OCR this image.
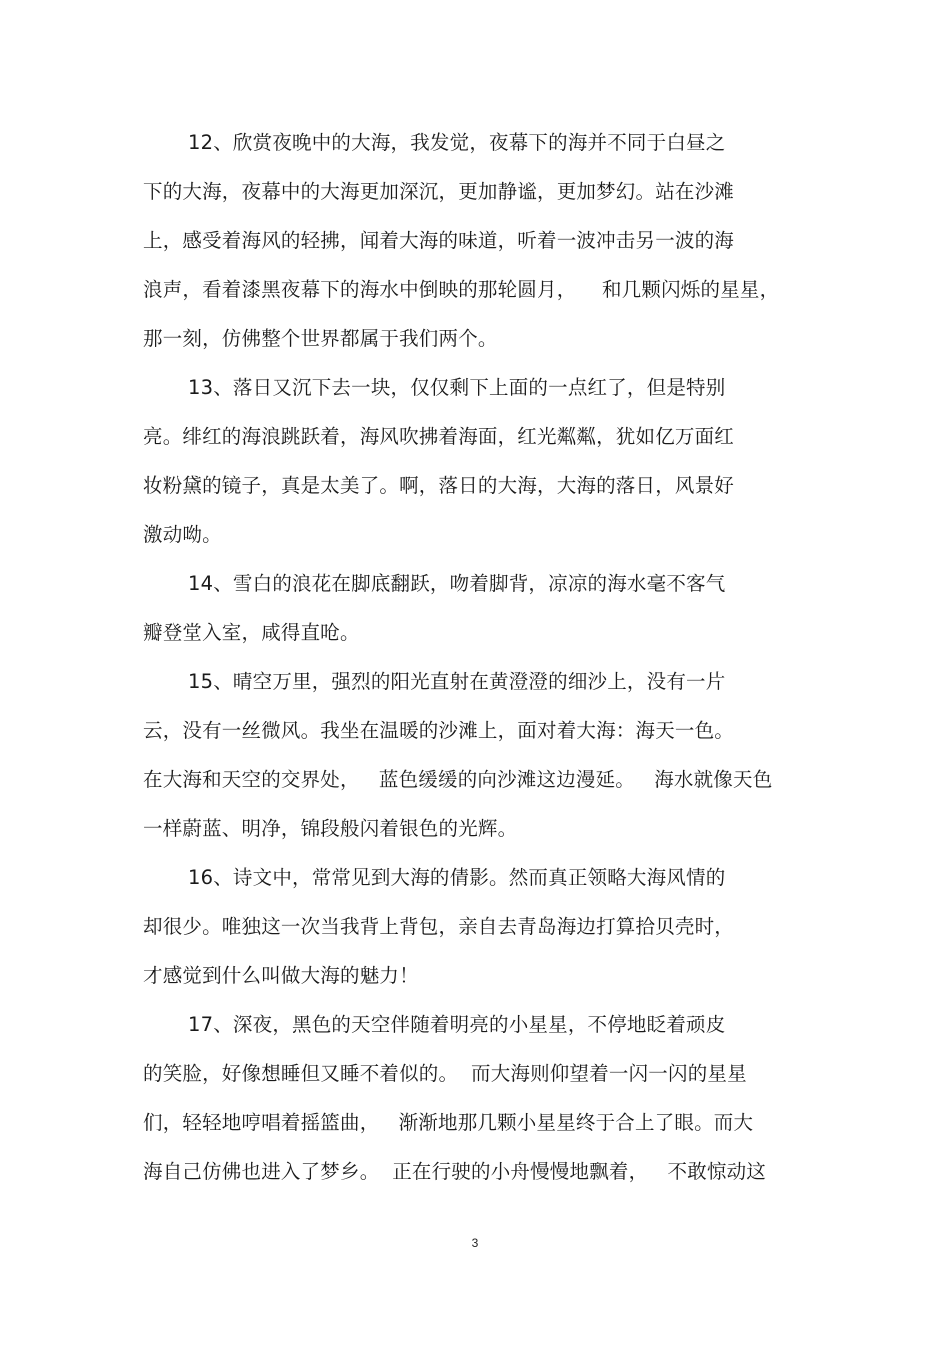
12、欣赏夜晚中的大海，我发觉，夜幕下的海并不同于白昼之
下的大海，夜幕中的大海更加深沉，更加静谧，更加梦幻。站在沙滩
上，感受着海风的轻拂，闻着大海的味道，听着一波冲击另一波的海
浪声，看着漆黑夜幕下的海水中倒映的那轮圆月，    和几颗闪烁的星星，
那一刻，仿佛整个世界都属于我们两个。
13、落日又沉下去一块，仅仅剩下上面的一点红了，但是特别
亮。绯红的海浪跳跃着，海风吹拂着海面，红光粼粼，犹如亿万面红
妆粉黛的镜子，真是太美了。啊，落日的大海，大海的落日，风景好
激动呦。
14、雪白的浪花在脚底翻跃，吻着脚背，凉凉的海水毫不客气
瓣登堂入室，咸得直呛。
15、晴空万里，强烈的阳光直射在黄澄澄的细沙上，没有一片
云，没有一丝微风。我坐在温暖的沙滩上，面对着大海：海天一色。
在大海和天空的交界处，   蓝色缓缓的向沙滩这边漫延。   海水就像天色
一样蔚蓝、明净，锦段般闪着银色的光辉。
16、诗文中，常常见到大海的倩影。然而真正领略大海风情的
却很少。唯独这一次当我背上背包，亲自去青岛海边打算拾贝壳时，
才感觉到什么叫做大海的魅力！
17、深夜，黑色的天空伴随着明亮的小星星，不停地眨着顽皮
的笑脸，好像想睡但又睡不着似的。  而大海则仰望着一闪一闪的星星
们，轻轻地哼唱着摇篮曲，   渐渐地那几颗小星星终于合上了眼。而大
海自己仿佛也进入了梦乡。  正在行驶的小舟慢慢地飘着，   不敢惊动这
3
